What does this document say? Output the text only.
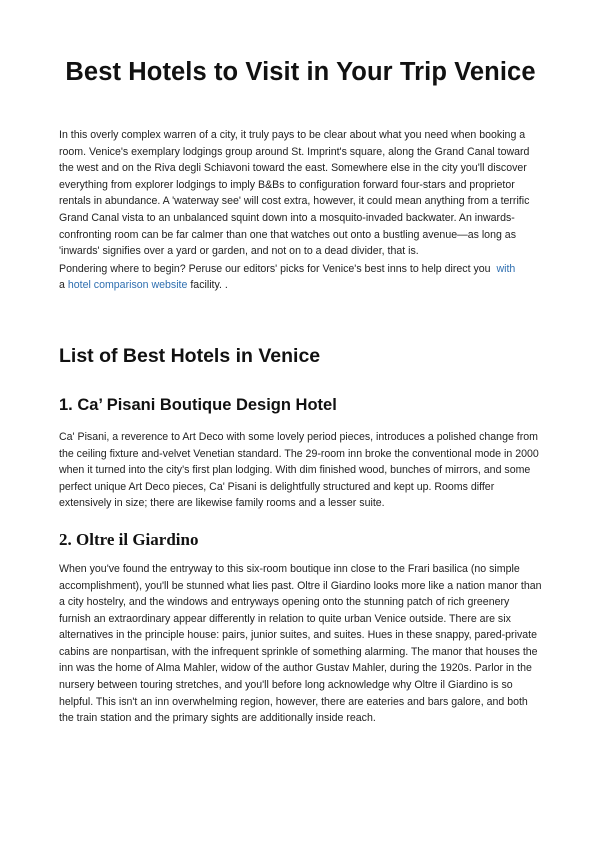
Best Hotels to Visit in Your Trip Venice

In this overly complex warren of a city, it truly pays to be clear about what you need when booking a room. Venice's exemplary lodgings group around St. Imprint's square, along the Grand Canal toward the west and on the Riva degli Schiavoni toward the east. Somewhere else in the city you'll discover everything from explorer lodgings to imply B&Bs to configuration forward four-stars and proprietor rentals in abundance. A 'waterway see' will cost extra, however, it could mean anything from a terrific Grand Canal vista to an unbalanced squint down into a mosquito-invaded backwater. An inwards-confronting room can be far calmer than one that watches out onto a bustling avenue—as long as 'inwards' signifies over a yard or garden, and not on to a dead divider, that is.

Pondering where to begin? Peruse our editors' picks for Venice's best inns to help direct you with
a hotel comparison website facility. .

List of Best Hotels in Venice
1. Ca’ Pisani Boutique Design Hotel

Ca' Pisani, a reverence to Art Deco with some lovely period pieces, introduces a polished change from the ceiling fixture and-velvet Venetian standard. The 29-room inn broke the conventional mode in 2000 when it turned into the city's first plan lodging. With dim finished wood, bunches of mirrors, and some perfect unique Art Deco pieces, Ca' Pisani is delightfully structured and kept up. Rooms differ extensively in size; there are likewise family rooms and a lesser suite.

2. Oltre il Giardino

When you've found the entryway to this six-room boutique inn close to the Frari basilica (no simple accomplishment), you'll be stunned what lies past. Oltre il Giardino looks more like a nation manor than a city hostelry, and the windows and entryways opening onto the stunning patch of rich greenery furnish an extraordinary appear differently in relation to quite urban Venice outside. There are six alternatives in the principle house: pairs, junior suites, and suites. Hues in these snappy, pared-private cabins are nonpartisan, with the infrequent sprinkle of something alarming. The manor that houses the inn was the home of Alma Mahler, widow of the author Gustav Mahler, during the 1920s. Parlor in the nursery between touring stretches, and you'll before long acknowledge why Oltre il Giardino is so helpful. This isn't an inn overwhelming region, however, there are eateries and bars galore, and both the train station and the primary sights are additionally inside reach.
